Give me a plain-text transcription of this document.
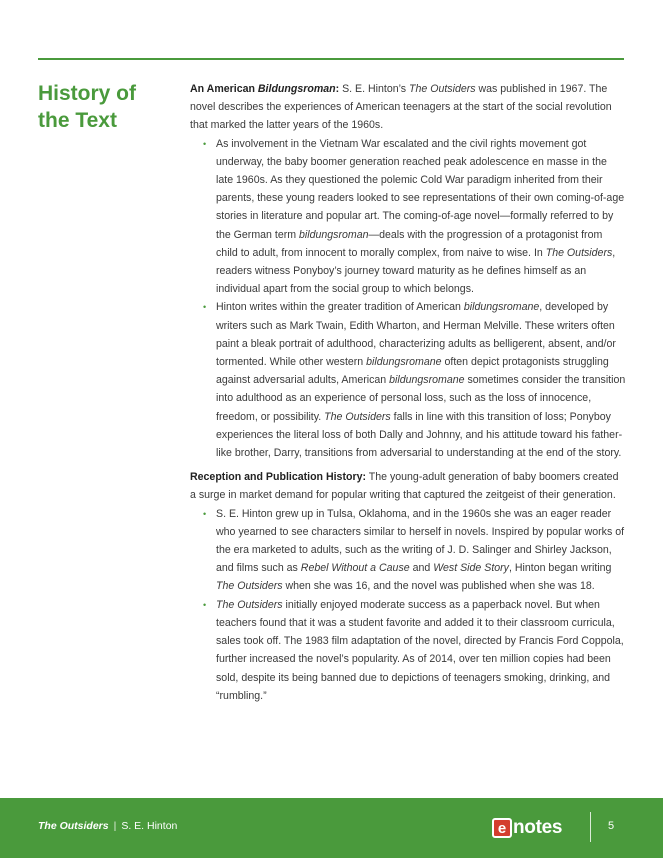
History of the Text

An American Bildungsroman: S. E. Hinton’s The Outsiders was published in 1967. The novel describes the experiences of American teenagers at the start of the social revolution that marked the latter years of the 1960s.

• As involvement in the Vietnam War escalated and the civil rights movement got underway, the baby boomer generation reached peak adolescence en masse in the late 1960s. As they questioned the polemic Cold War paradigm inherited from their parents, these young readers looked to see representations of their own coming-of-age stories in literature and popular art. The coming-of-age novel—formally referred to by the German term bildungsroman—deals with the progression of a protagonist from child to adult, from innocent to morally complex, from naive to wise. In The Outsiders, readers witness Ponyboy’s journey toward maturity as he defines himself as an individual apart from the social group to which belongs.
• Hinton writes within the greater tradition of American bildungsromane, developed by writers such as Mark Twain, Edith Wharton, and Herman Melville. These writers often paint a bleak portrait of adulthood, characterizing adults as belligerent, absent, and/or tormented. While other western bildungsromane often depict protagonists struggling against adversarial adults, American bildungsromane sometimes consider the transition into adulthood as an experience of personal loss, such as the loss of innocence, freedom, or possibility. The Outsiders falls in line with this transition of loss; Ponyboy experiences the literal loss of both Dally and Johnny, and his attitude toward his father-like brother, Darry, transitions from adversarial to understanding at the end of the story.

Reception and Publication History: The young-adult generation of baby boomers created a surge in market demand for popular writing that captured the zeitgeist of their generation.

• S. E. Hinton grew up in Tulsa, Oklahoma, and in the 1960s she was an eager reader who yearned to see characters similar to herself in novels. Inspired by popular works of the era marketed to adults, such as the writing of J. D. Salinger and Shirley Jackson, and films such as Rebel Without a Cause and West Side Story, Hinton began writing The Outsiders when she was 16, and the novel was published when she was 18.
• The Outsiders initially enjoyed moderate success as a paperback novel. But when teachers found that it was a student favorite and added it to their classroom curricula, sales took off. The 1983 film adaptation of the novel, directed by Francis Ford Coppola, further increased the novel’s popularity. As of 2014, over ten million copies had been sold, despite its being banned due to depictions of teenagers smoking, drinking, and “rumbling.”
The Outsiders | S. E. Hinton	e notes	5
